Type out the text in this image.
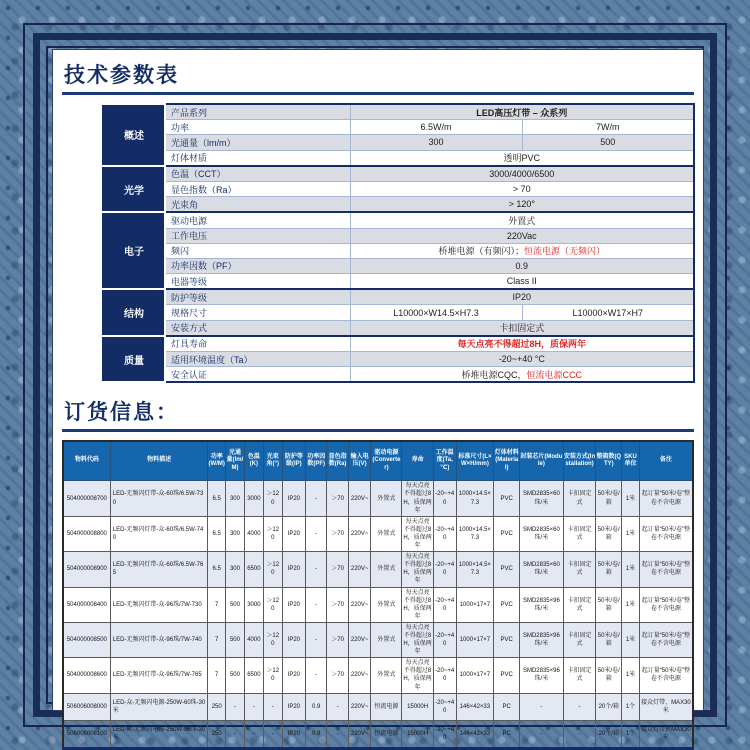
技术参数表
概述	产品系列	LED高压灯带 – 众系列	
	功率	6.5W/m	7W/m
	光通量（lm/m）	300	500
	灯体材质	透明PVC	
光学	色温（CCT）	3000/4000/6500	
	显色指数（Ra）	> 70	
	光束角	> 120°	
电子	驱动电源	外置式	
	工作电压	220Vac	
	频闪	桥堆电源（有频闪）；恒流电源（无频闪）	
	功率因数（PF）	0.9	
	电器等级	Class II	
结构	防护等级	IP20	
	规格尺寸	L10000×W14.5×H7.3	L10000×W17×H7
	安装方式	卡扣固定式	
质量	灯具寿命	每天点亮不得超过8H，质保两年	
	适用环境温度（Ta）	-20~+40 °C	
	安全认证	桥堆电源CQC，恒流电源CCC	
订货信息：
物料代码	物料描述	功率(W/M)	光通量(lm/M)	色温(K)	光束角(°)	防护等级(IP)	功率因数(PF)	显色指数(Ra)	输入电压(V)	驱动电源(Converter)	寿命	工作温度(Ta,℃)	标准尺寸(L×W×H/mm)	灯体材料(Material)	封装芯片(Module)	安装方式(Installation)	整箱数(QTY)	SKU单位	备注
504000008700	LED-无频闪灯带-众-60珠/6.5W-730	6.5	300	3000	＞120	IP20	-	＞70	220V~	外置式	每天点亮不得超过8H，质保两年	-20~+40	1000×14.5×7.3	PVC	SMD2835×60珠/米	卡扣固定式	50米/卷/箱	1米	起订量“50米/卷”整卷不含电源
504000008800	LED-无频闪灯带-众-60珠/6.5W-740	6.5	300	4000	＞120	IP20	-	＞70	220V~	外置式	每天点亮不得超过8H，质保两年	-20~+40	1000×14.5×7.3	PVC	SMD2835×60珠/米	卡扣固定式	50米/卷/箱	1米	起订量“50米/卷”整卷不含电源
504000008900	LED-无频闪灯带-众-60珠/6.5W-765	6.5	300	6500	＞120	IP20	-	＞70	220V~	外置式	每天点亮不得超过8H，质保两年	-20~+40	1000×14.5×7.3	PVC	SMD2835×60珠/米	卡扣固定式	50米/卷/箱	1米	起订量“50米/卷”整卷不含电源
504000008400	LED-无频闪灯带-众-96珠/7W-730	7	500	3000	＞120	IP20	-	＞70	220V~	外置式	每天点亮不得超过8H，质保两年	-20~+40	1000×17×7	PVC	SMD2835×96珠/米	卡扣固定式	50米/卷/箱	1米	起订量“50米/卷”整卷不含电源
504000008500	LED-无频闪灯带-众-96珠/7W-740	7	500	4000	＞120	IP20	-	＞70	220V~	外置式	每天点亮不得超过8H，质保两年	-20~+40	1000×17×7	PVC	SMD2835×96珠/米	卡扣固定式	50米/卷/箱	1米	起订量“50米/卷”整卷不含电源
504000008600	LED-无频闪灯带-众-96珠/7W-765	7	500	6500	＞120	IP20	-	＞70	220V~	外置式	每天点亮不得超过8H，质保两年	-20~+40	1000×17×7	PVC	SMD2835×96珠/米	卡扣固定式	50米/卷/箱	1米	起订量“50米/卷”整卷不含电源
506006008000	LED-众-无频闪电源-250W-60珠-30米	250	-	-	-	IP20	0.9	-	220V~	恒流电源	15000H	-20~+40	146×42×33	PC	-	-	20个/箱	1个	接众灯带，MAX30米
506006008100	LED-众-无频闪电源-250W-96珠-30米	250	-	-	-	IP20	0.9	-	220V~	恒流电源	15000H	-20~+40	146×42×33	PC	-	-	20个/箱	1个	接众灯带，MAX30米
